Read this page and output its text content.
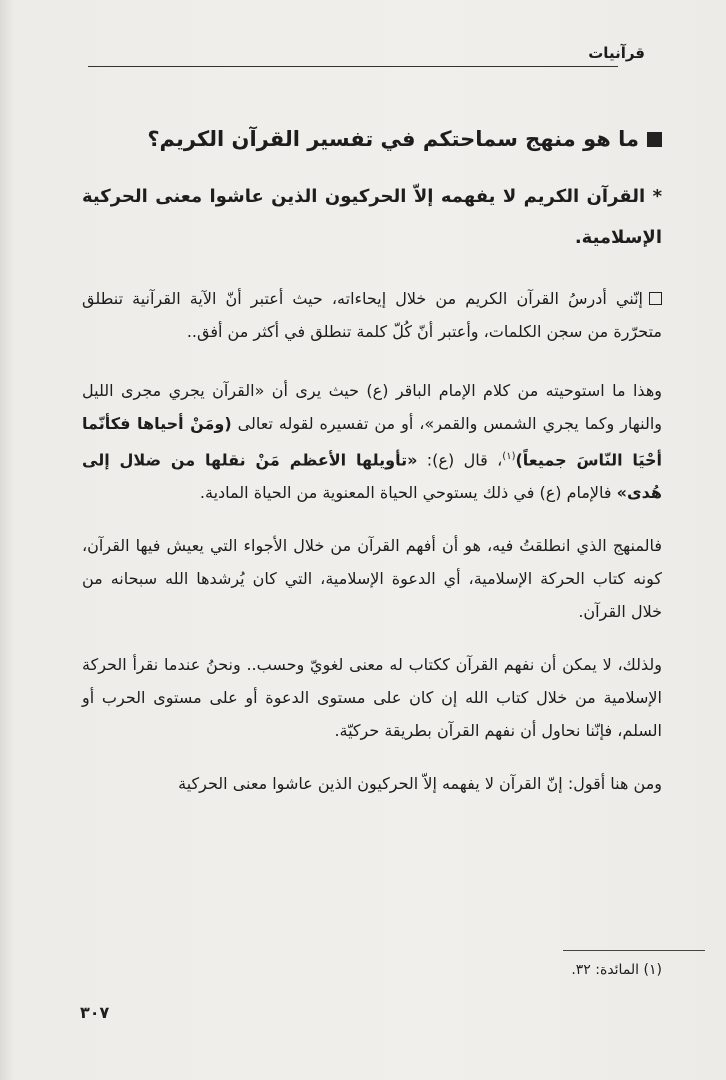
قرآنيات
ما هو منهج سماحتكم في تفسير القرآن الكريم؟
* القرآن الكريم لا يفهمه إلاّ الحركيون الذين عاشوا معنى الحركية الإسلامية.
إنّني أدرسُ القرآن الكريم من خلال إيحاءاته، حيث أعتبر أنّ الآية القرآنية تنطلق متحرّرة من سجن الكلمات، وأعتبر أنّ كُلّ كلمة تنطلق في أكثر من أفق..
وهذا ما استوحيته من كلام الإمام الباقر (ع) حيث يرى أن «القرآن يجري مجرى الليل والنهار وكما يجري الشمس والقمر»، أو من تفسيره لقوله تعالى (ومَنْ أحياها فكأنّما أحْيَا النّاسَ جميعاً)$^{(١)}$، قال (ع): «تأويلها الأعظم مَنْ نقلها من ضلال إلى هُدى» فالإمام (ع) في ذلك يستوحي الحياة المعنوية من الحياة المادية.
فالمنهج الذي انطلقتُ فيه، هو أن أفهم القرآن من خلال الأجواء التي يعيش فيها القرآن، كونه كتاب الحركة الإسلامية، أي الدعوة الإسلامية، التي كان يُرشدها الله سبحانه من خلال القرآن.
ولذلك، لا يمكن أن نفهم القرآن ككتاب له معنى لغويّ وحسب.. ونحنُ عندما نقرأ الحركة الإسلامية من خلال كتاب الله إن كان على مستوى الدعوة أو على مستوى الحرب أو السلم، فإنّنا نحاول أن نفهم القرآن بطريقة حركيّة.
ومن هنا أقول: إنّ القرآن لا يفهمه إلاّ الحركيون الذين عاشوا معنى الحركية
(١) المائدة: ٣٢.
٣٠٧
